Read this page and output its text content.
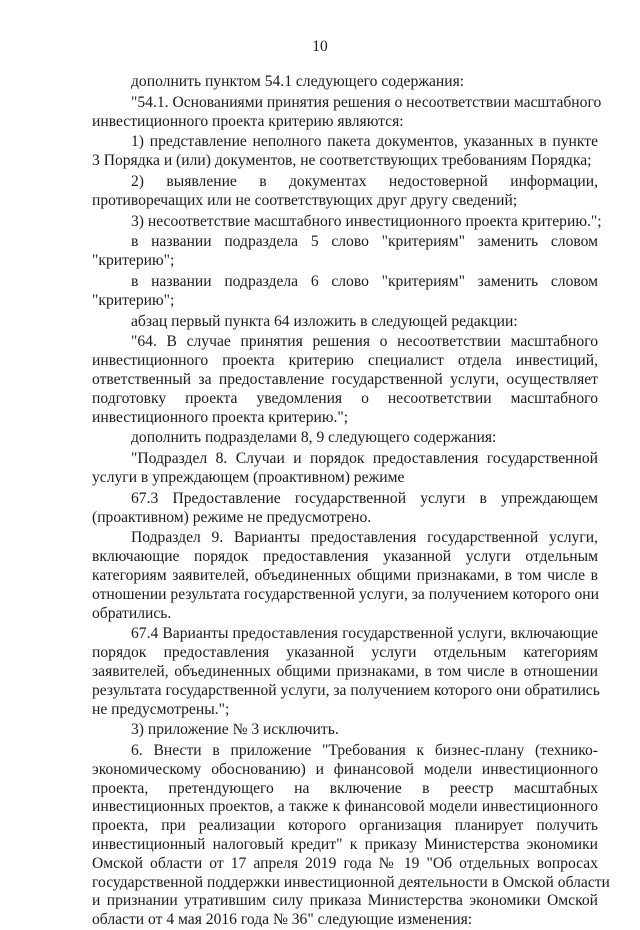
10
дополнить пунктом 54.1 следующего содержания:
"54.1. Основаниями принятия решения о несоответствии масштабного
инвестиционного проекта критерию являются:
1) представление неполного пакета документов, указанных в пункте
3 Порядка и (или) документов, не соответствующих требованиям Порядка;
2) выявление в документах недостоверной информации,
противоречащих или не соответствующих друг другу сведений;
3) несоответствие масштабного инвестиционного проекта критерию.";
в названии подраздела 5 слово "критериям" заменить словом
"критерию";
в названии подраздела 6 слово "критериям" заменить словом
"критерию";
абзац первый пункта 64 изложить в следующей редакции:
"64. В случае принятия решения о несоответствии масштабного
инвестиционного проекта критерию специалист отдела инвестиций,
ответственный за предоставление государственной услуги, осуществляет
подготовку проекта уведомления о несоответствии масштабного
инвестиционного проекта критерию.";
дополнить подразделами 8, 9 следующего содержания:
"Подраздел 8. Случаи и порядок предоставления государственной
услуги в упреждающем (проактивном) режиме
67.3 Предоставление государственной услуги в упреждающем
(проактивном) режиме не предусмотрено.
Подраздел 9. Варианты предоставления государственной услуги,
включающие порядок предоставления указанной услуги отдельным
категориям заявителей, объединенных общими признаками, в том числе в
отношении результата государственной услуги, за получением которого они
обратились.
67.4 Варианты предоставления государственной услуги, включающие
порядок предоставления указанной услуги отдельным категориям
заявителей, объединенных общими признаками, в том числе в отношении
результата государственной услуги, за получением которого они обратились
не предусмотрены.";
3) приложение № 3 исключить.
6. Внести в приложение "Требования к бизнес-плану (технико-
экономическому обоснованию) и финансовой модели инвестиционного
проекта, претендующего на включение в реестр масштабных
инвестиционных проектов, а также к финансовой модели инвестиционного
проекта, при реализации которого организация планирует получить
инвестиционный налоговый кредит" к приказу Министерства экономики
Омской области от 17 апреля 2019 года № 19 "Об отдельных вопросах
государственной поддержки инвестиционной деятельности в Омской области
и признании утратившим силу приказа Министерства экономики Омской
области от 4 мая 2016 года № 36" следующие изменения:
